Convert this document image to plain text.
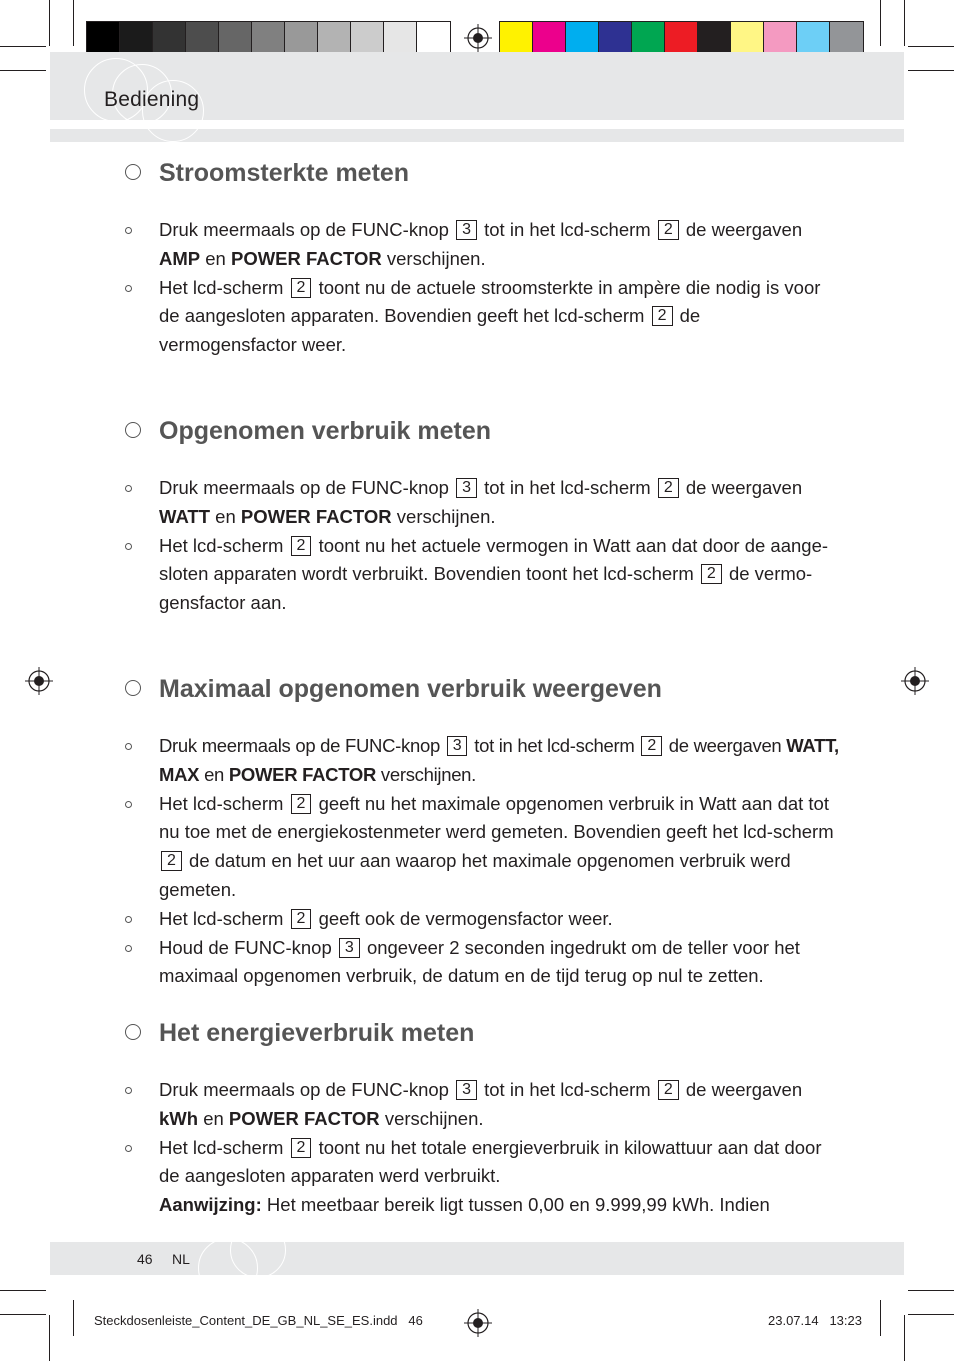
Bediening
Stroomsterkte meten
Druk meermaals op de FUNC-knop 3 tot in het lcd-scherm 2 de weergaven AMP en POWER FACTOR verschijnen.
Het lcd-scherm 2 toont nu de actuele stroomsterkte in ampère die nodig is voor de aangesloten apparaten. Bovendien geeft het lcd-scherm 2 de vermogensfactor weer.
Opgenomen verbruik meten
Druk meermaals op de FUNC-knop 3 tot in het lcd-scherm 2 de weergaven WATT en POWER FACTOR verschijnen.
Het lcd-scherm 2 toont nu het actuele vermogen in Watt aan dat door de aange-sloten apparaten wordt verbruikt. Bovendien toont het lcd-scherm 2 de vermo-gensfactor aan.
Maximaal opgenomen verbruik weergeven
Druk meermaals op de FUNC-knop 3 tot in het lcd-scherm 2 de weergaven WATT, MAX en POWER FACTOR verschijnen.
Het lcd-scherm 2 geeft nu het maximale opgenomen verbruik in Watt aan dat tot nu toe met de energiekostenmeter werd gemeten. Bovendien geeft het lcd-scherm 2 de datum en het uur aan waarop het maximale opgenomen verbruik werd gemeten.
Het lcd-scherm 2 geeft ook de vermogensfactor weer.
Houd de FUNC-knop 3 ongeveer 2 seconden ingedrukt om de teller voor het maximaal opgenomen verbruik, de datum en de tijd terug op nul te zetten.
Het energieverbruik meten
Druk meermaals op de FUNC-knop 3 tot in het lcd-scherm 2 de weergaven kWh en POWER FACTOR verschijnen.
Het lcd-scherm 2 toont nu het totale energieverbruik in kilowattuur aan dat door de aangesloten apparaten werd verbruikt.
Aanwijzing: Het meetbaar bereik ligt tussen 0,00 en 9.999,99 kWh. Indien
46 NL
Steckdosenleiste_Content_DE_GB_NL_SE_ES.indd   46	23.07.14   13:23
